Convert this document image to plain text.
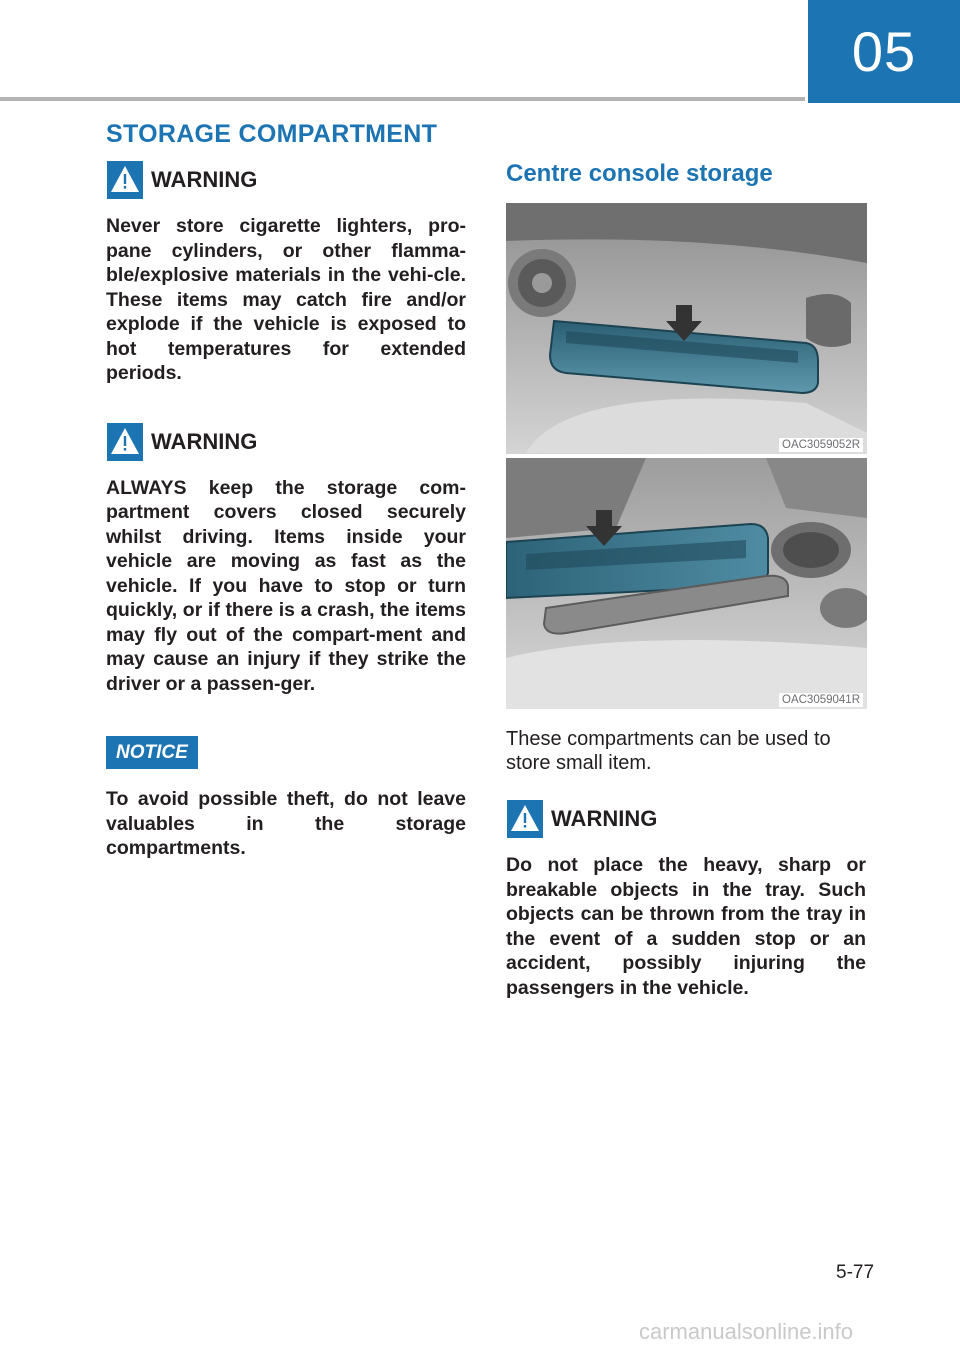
05
STORAGE COMPARTMENT
WARNING

Never store cigarette lighters, pro-pane cylinders, or other flamma-ble/explosive materials in the vehi-cle. These items may catch fire and/or explode if the vehicle is exposed to hot temperatures for extended periods.

WARNING

ALWAYS keep the storage com-partment covers closed securely whilst driving. Items inside your vehicle are moving as fast as the vehicle. If you have to stop or turn quickly, or if there is a crash, the items may fly out of the compart-ment and may cause an injury if they strike the driver or a passen-ger.

NOTICE

To avoid possible theft, do not leave valuables in the storage compartments.

Centre console storage
OAC3059052R
OAC3059041R

These compartments can be used to store small item.

WARNING

Do not place the heavy, sharp or breakable objects in the tray. Such objects can be thrown from the tray in the event of a sudden stop or an accident, possibly injuring the passengers in the vehicle.

5-77
carmanualsonline.info
